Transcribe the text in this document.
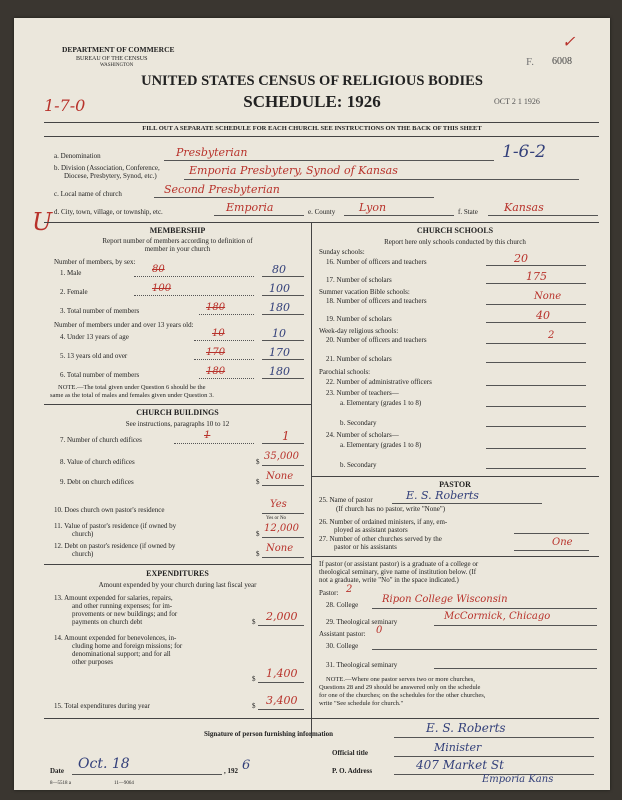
DEPARTMENT OF COMMERCE
BUREAU OF THE CENSUS
WASHINGTON	F. 6008
✓
UNITED STATES CENSUS OF RELIGIOUS BODIES
SCHEDULE: 1926	OCT 2 1 1926
1-7-0
FILL OUT A SEPARATE SCHEDULE FOR EACH CHURCH. SEE INSTRUCTIONS ON THE BACK OF THIS SHEET
a. Denomination	Presbyterian	1-6-2
b. Division (Association, Conference,
Diocese, Presbytery, Synod, etc.)	Emporia Presbytery, Synod of Kansas
c. Local name of church	Second Presbyterian
d. City, town, village, or township, etc.	Emporia	e. County Lyon	f. State Kansas
U	MEMBERSHIP
Report number of members according to definition of
member in your church
Number of members, by sex:
1. Male	80	80
2. Female	100	100
3. Total number of members	180	180
Number of members under and over 13 years old:
4. Under 13 years of age	10	10
5. 13 years old and over	170	170
6. Total number of members	180	180
NOTE.—The total given under Question 6 should be the
same as the total of males and females given under Question 3.
CHURCH BUILDINGS
See instructions, paragraphs 10 to 12
7. Number of church edifices	1	1
8. Value of church edifices	$ 35,000
9. Debt on church edifices	$ None
10. Does church own pastor's residence	Yes
Yes or No
11. Value of pastor's residence (if owned by
church)	$ 12,000
12. Debt on pastor's residence (if owned by
church)	$ None
EXPENDITURES
Amount expended by your church during last fiscal year
13. Amount expended for salaries, repairs,
and other running expenses; for im-
provements or new buildings; and for
payments on church debt	$ 2,000
14. Amount expended for benevolences, in-
cluding home and foreign missions; for
denominational support; and for all
other purposes
$ 1,400
15. Total expenditures during year	$ 3,400
CHURCH SCHOOLS
Report here only schools conducted by this church
Sunday schools:
16. Number of officers and teachers	20
17. Number of scholars	175
Summer vacation Bible schools:
18. Number of officers and teachers	None
19. Number of scholars	40
Week-day religious schools:
20. Number of officers and teachers	2
21. Number of scholars
Parochial schools:
22. Number of administrative officers
23. Number of teachers—
a. Elementary (grades 1 to 8)
b. Secondary
24. Number of scholars—
a. Elementary (grades 1 to 8)
b. Secondary
PASTOR
25. Name of pastor	E. S. Roberts
(If church has no pastor, write "None")
26. Number of ordained ministers, if any, em-
ployed as assistant pastors
27. Number of other churches served by the
pastor or his assistants	One
If pastor (or assistant pastor) is a graduate of a college or
theological seminary, give name of institution below. (If
not a graduate, write "No" in the space indicated.)
Pastor: 2
28. College Ripon College Wisconsin
29. Theological seminary	McCormick, Chicago
Assistant pastor: 0
30. College
31. Theological seminary
NOTE.—Where one pastor serves two or more churches,
Questions 28 and 29 should be answered only on the schedule
for one of the churches; on the schedules for the other churches,
write "See schedule for church."
Signature of person furnishing information	E. S. Roberts
Official title	Minister
Date Oct. 18	, 192 6	P. O. Address	407 Market St
Emporia Kans
8—5518 a	11—9064
